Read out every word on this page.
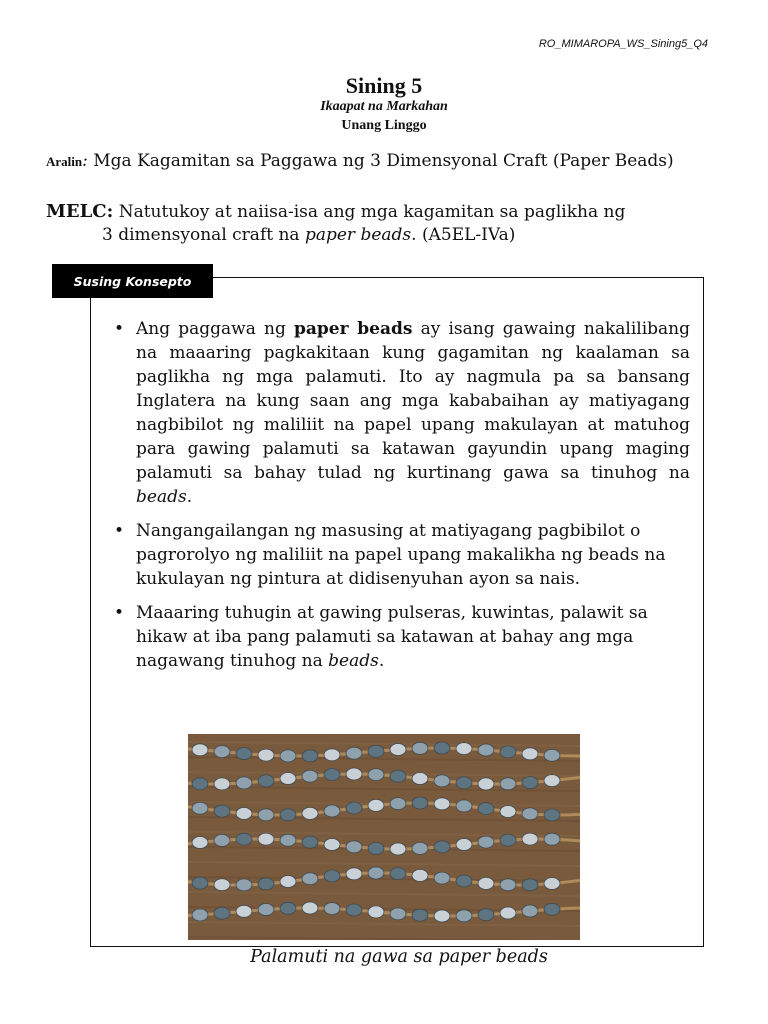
RO_MIMAROPA_WS_Sining5_Q4
Sining 5
Ikaapat na Markahan
Unang Linggo
Aralin: Mga Kagamitan sa Paggawa ng 3 Dimensyonal Craft (Paper Beads)
MELC: Natutukoy at naiisa-isa ang mga kagamitan sa paglikha ng
3 dimensyonal craft na paper beads. (A5EL-IVa)
Susing Konsepto
• Ang paggawa ng paper beads ay isang gawaing nakalilibang na maaaring pagkakitaan kung gagamitan ng kaalaman sa paglikha ng mga palamuti. Ito ay nagmula pa sa bansang Inglatera na kung saan ang mga kababaihan ay matiyagang nagbibilot ng maliliit na papel upang makulayan at matuhog para gawing palamuti sa katawan gayundin upang maging palamuti sa bahay tulad ng kurtinang gawa sa tinuhog na beads.
• Nangangailangan ng masusing at matiyagang pagbibilot o pagrorolyo ng maliliit na papel upang makalikha ng beads na kukulayan ng pintura at didisenyuhan ayon sa nais.
• Maaaring tuhugin at gawing pulseras, kuwintas, palawit sa hikaw at iba pang palamuti sa katawan at bahay ang mga nagawang tinuhog na beads.
Palamuti na gawa sa paper beads
